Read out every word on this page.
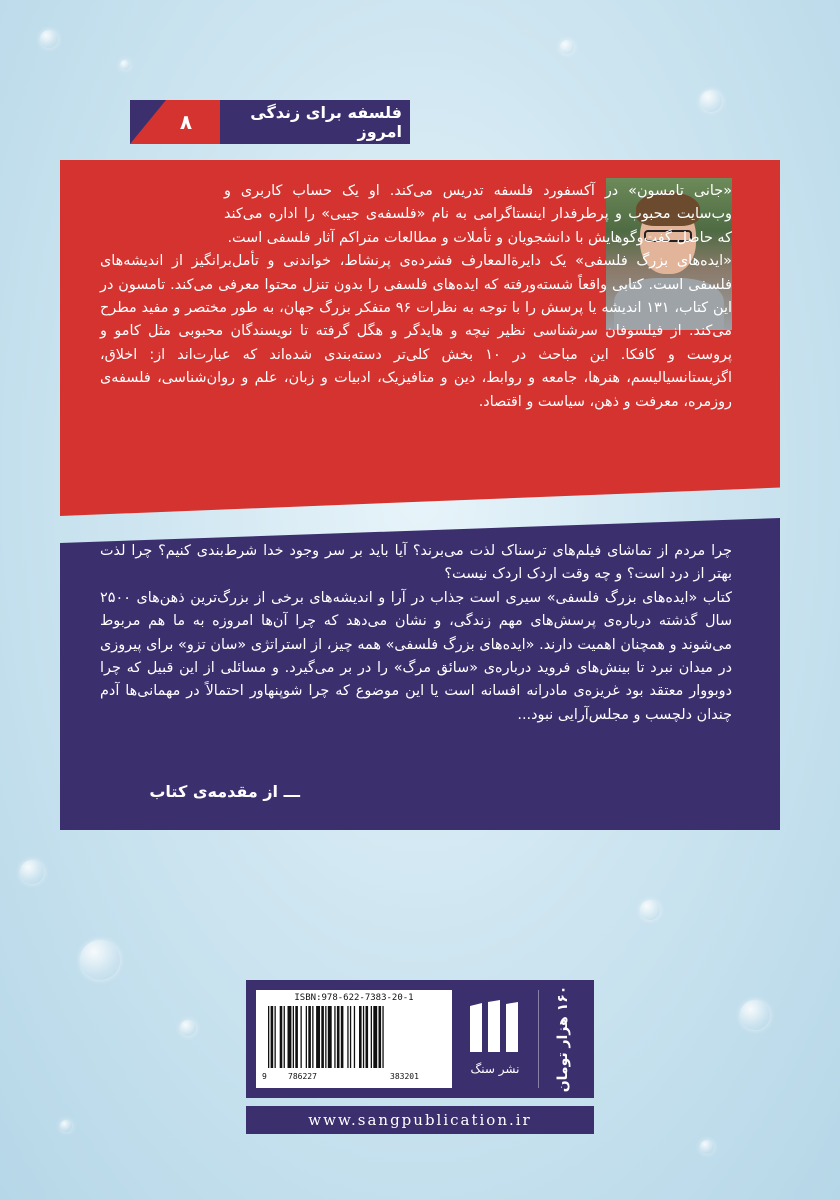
فلسفه برای زندگی امروز
۸

«جانی تامسون» در آکسفورد فلسفه تدریس می‌کند. او یک حساب کاربری و وب‌سایت محبوب و پرطرفدار اینستاگرامی به نام «فلسفه‌ی جیبی» را اداره می‌کند که حاصل گفت‌وگوهایش با دانشجویان و تأملات و مطالعات متراکم آثار فلسفی است.

«ایده‌های بزرگ فلسفی» یک دایرةالمعارف فشرده‌ی پرنشاط، خواندنی و تأمل‌برانگیز از اندیشه‌های فلسفی است. کتابی واقعاً شسته‌ورفته که ایده‌های فلسفی را بدون تنزل محتوا معرفی می‌کند. تامسون در این کتاب، ۱۳۱ اندیشه یا پرسش را با توجه به نظرات ۹۶ متفکر بزرگ جهان، به طور مختصر و مفید مطرح می‌کند. از فیلسوفان سرشناسی نظیر نیچه و هایدگر و هگل گرفته تا نویسندگان محبوبی مثل کامو و پروست و کافکا. این مباحث در ۱۰ بخش کلی‌تر دسته‌بندی شده‌اند که عبارت‌اند از: اخلاق، اگزیستانسیالیسم، هنرها، جامعه و روابط، دین و متافیزیک، ادبیات و زبان، علم و روان‌شناسی، فلسفه‌ی روزمره، معرفت و ذهن، سیاست و اقتصاد.

چرا مردم از تماشای فیلم‌های ترسناک لذت می‌برند؟ آیا باید بر سر وجود خدا شرط‌بندی کنیم؟ چرا لذت بهتر از درد است؟ و چه وقت اردک اردک نیست؟

کتاب «ایده‌های بزرگ فلسفی» سیری است جذاب در آرا و اندیشه‌های برخی از بزرگ‌ترین ذهن‌های ۲۵۰۰ سال گذشته درباره‌ی پرسش‌های مهم زندگی، و نشان می‌دهد که چرا آن‌ها امروزه به ما هم مربوط می‌شوند و همچنان اهمیت دارند. «ایده‌های بزرگ فلسفی» همه چیز، از استراتژی «سان تزو» برای پیروزی در میدان نبرد تا بینش‌های فروید درباره‌ی «سائق مرگ» را در بر می‌گیرد. و مسائلی از این قبیل که چرا دوبووار معتقد بود غریزه‌ی مادرانه افسانه است یا این موضوع که چرا شوپنهاور احتمالاً در مهمانی‌ها آدم چندان دلچسب و مجلس‌آرایی نبود...

ـــ از مقدمه‌ی کتاب
ISBN:978-622-7383-20-1
9	786227	383201
نشر سنگ	۱۶۰ هزار تومان
www.sangpublication.ir
